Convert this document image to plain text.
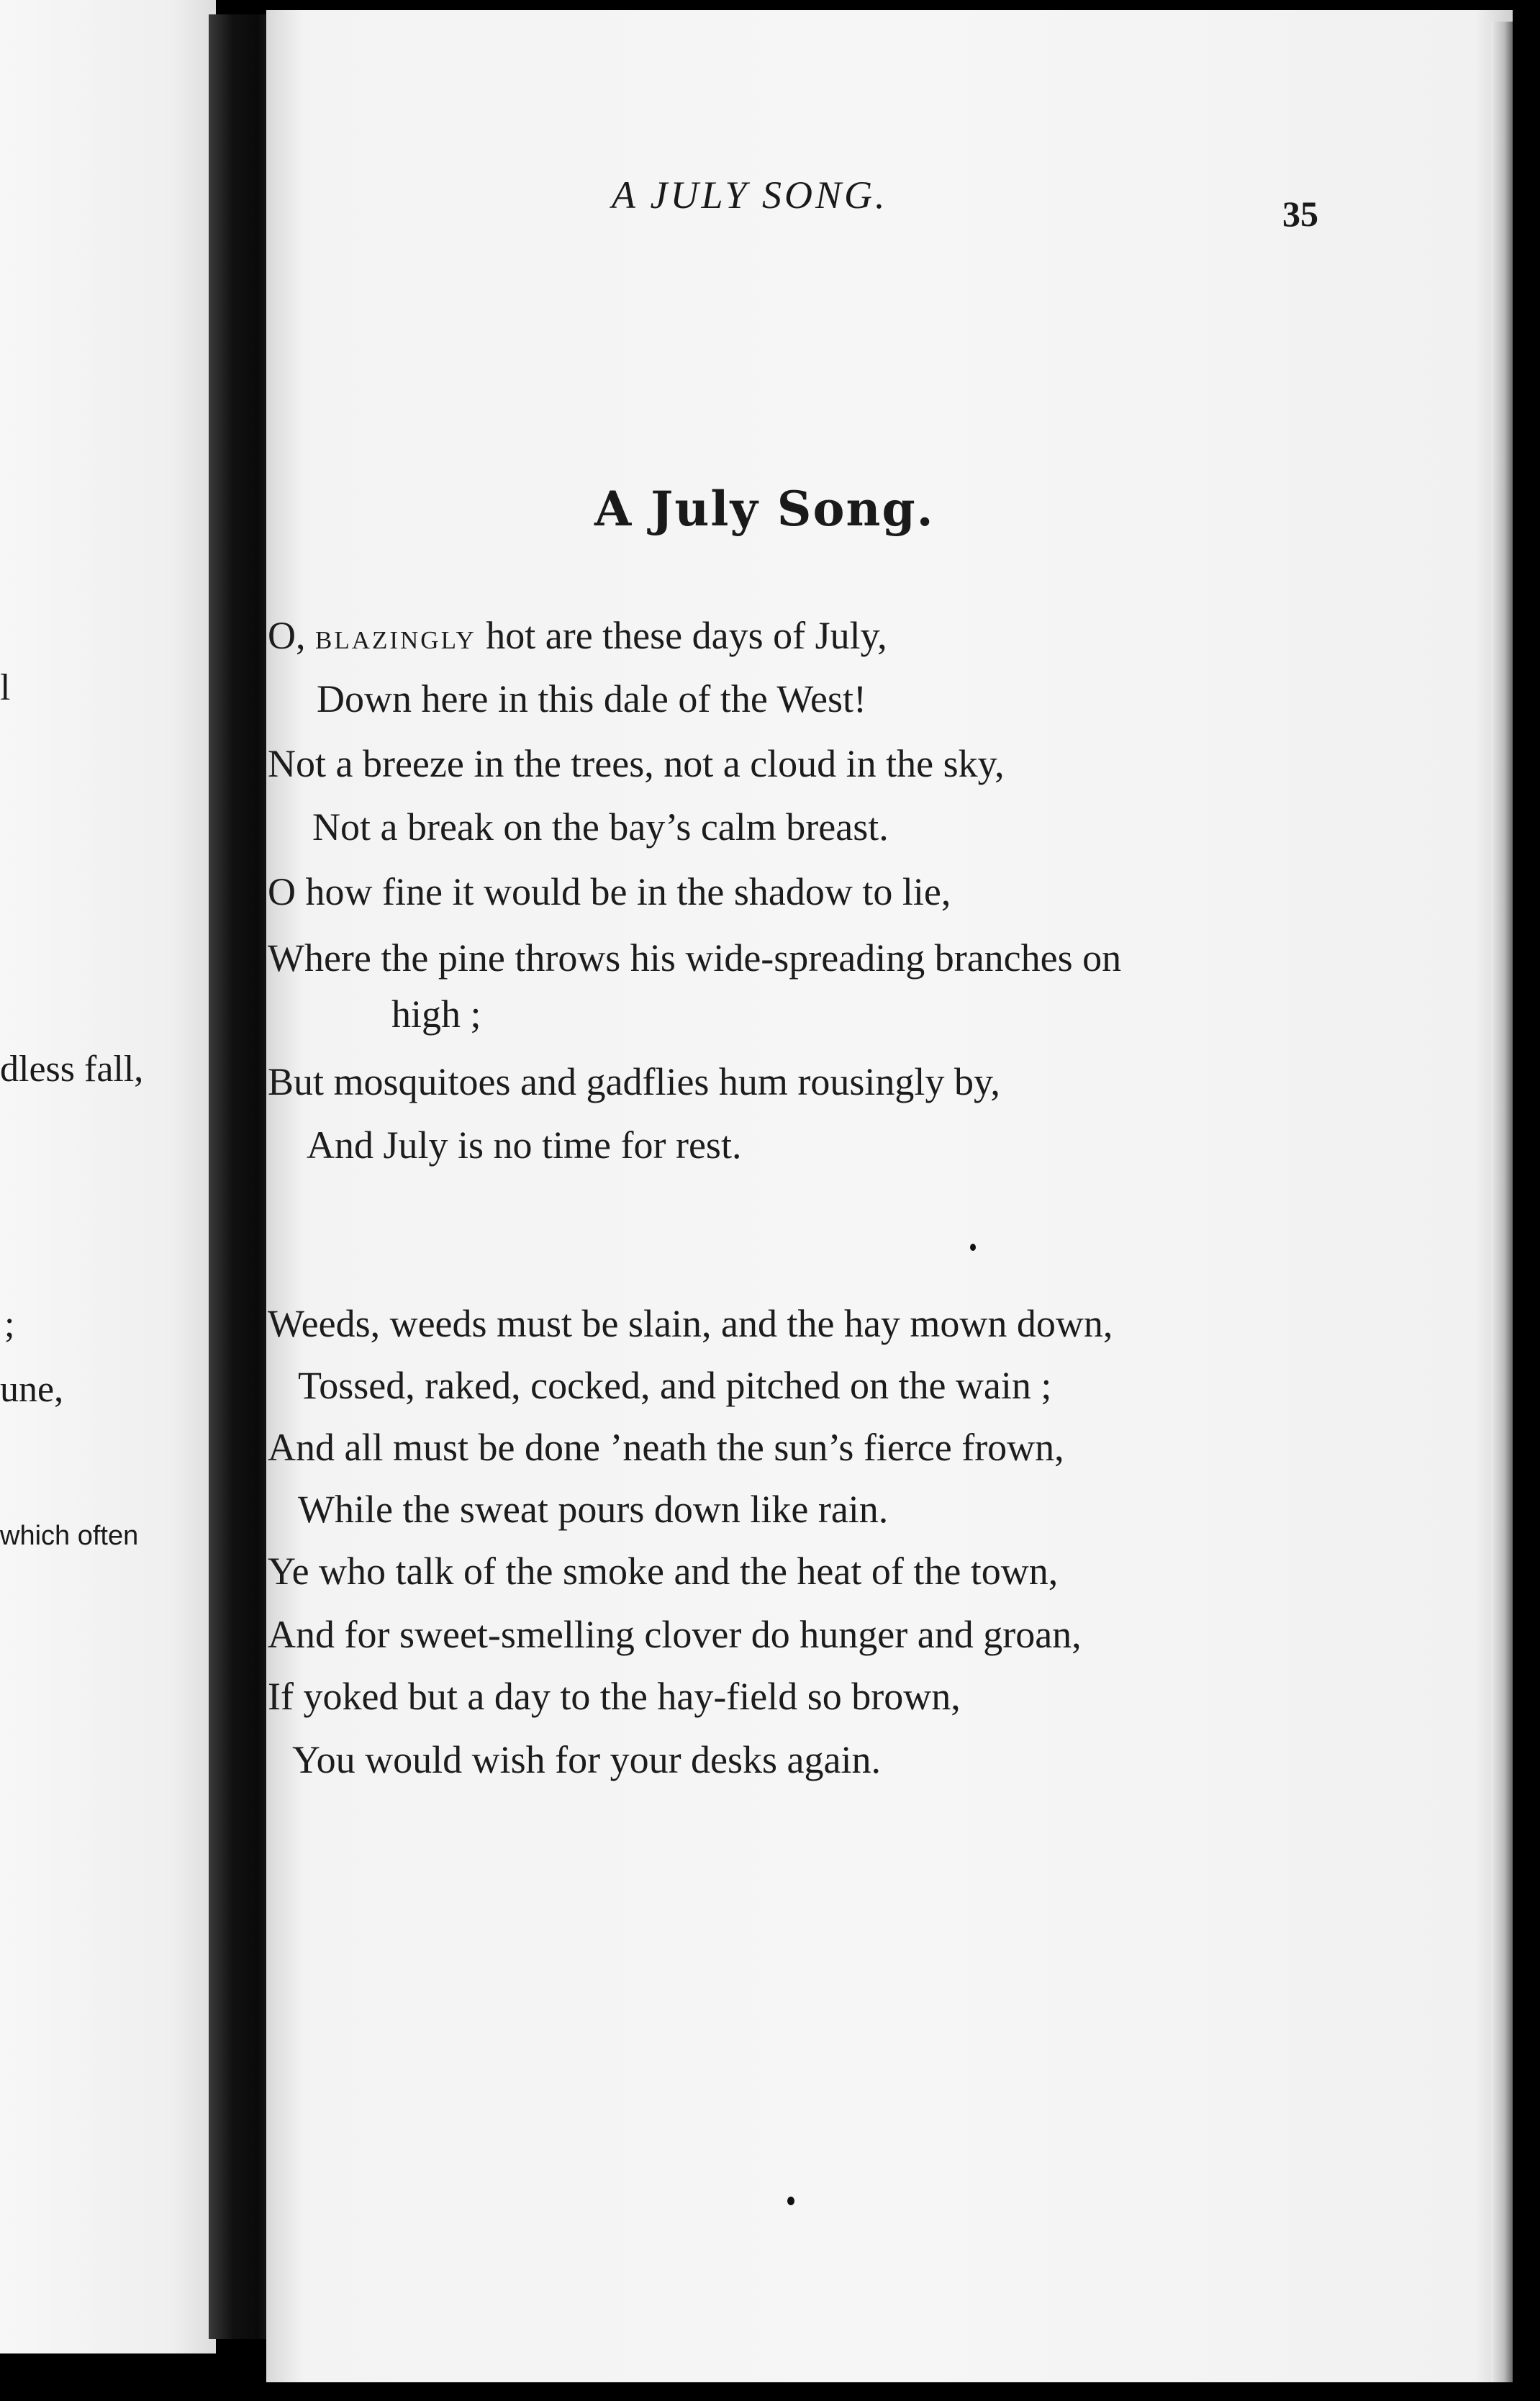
l
dless fall,
;
une,
which often
A JULY SONG.	35
A July Song.
O, blazingly hot are these days of July,
Down here in this dale of the West!
Not a breeze in the trees, not a cloud in the sky,
Not a break on the bay’s calm breast.
O how fine it would be in the shadow to lie,
Where the pine throws his wide-spreading branches on
high ;
But mosquitoes and gadflies hum rousingly by,
And July is no time for rest.
Weeds, weeds must be slain, and the hay mown down,
Tossed, raked, cocked, and pitched on the wain ;
And all must be done ’neath the sun’s fierce frown,
While the sweat pours down like rain.
Ye who talk of the smoke and the heat of the town,
And for sweet-smelling clover do hunger and groan,
If yoked but a day to the hay-field so brown,
You would wish for your desks again.
